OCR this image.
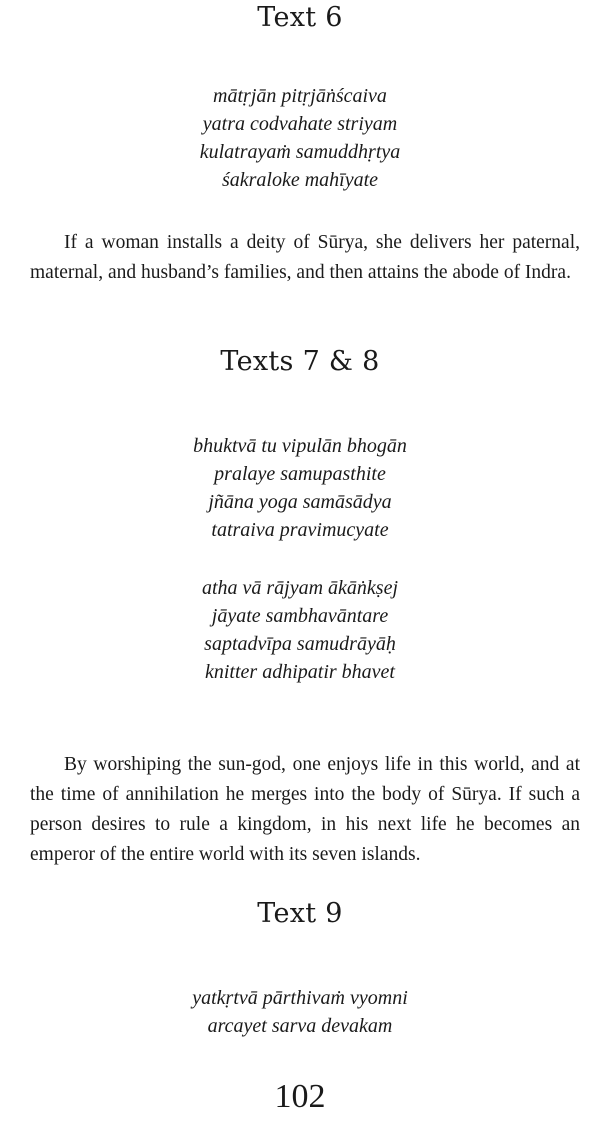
Text 6
mātṛjān pitṛjāṅścaiva
yatra codvahate striyam
kulatrayaṁ samuddhṛtya
śakraloke mahīyate

If a woman installs a deity of Sūrya, she delivers her paternal, maternal, and husband’s families, and then attains the abode of Indra.

Texts 7 & 8
bhuktvā tu vipulān bhogān
pralaye samupasthite
jñāna yoga samāsādya
tatraiva pravimucyate
atha vā rājyam ākāṅkṣej
jāyate sambhavāntare
saptadvīpa samudrāyāḥ
knitter adhipatir bhavet

By worshiping the sun-god, one enjoys life in this world, and at the time of annihilation he merges into the body of Sūrya. If such a person desires to rule a kingdom, in his next life he becomes an emperor of the entire world with its seven islands.

Text 9
yatkṛtvā pārthivaṁ vyomni
arcayet sarva devakam
102
